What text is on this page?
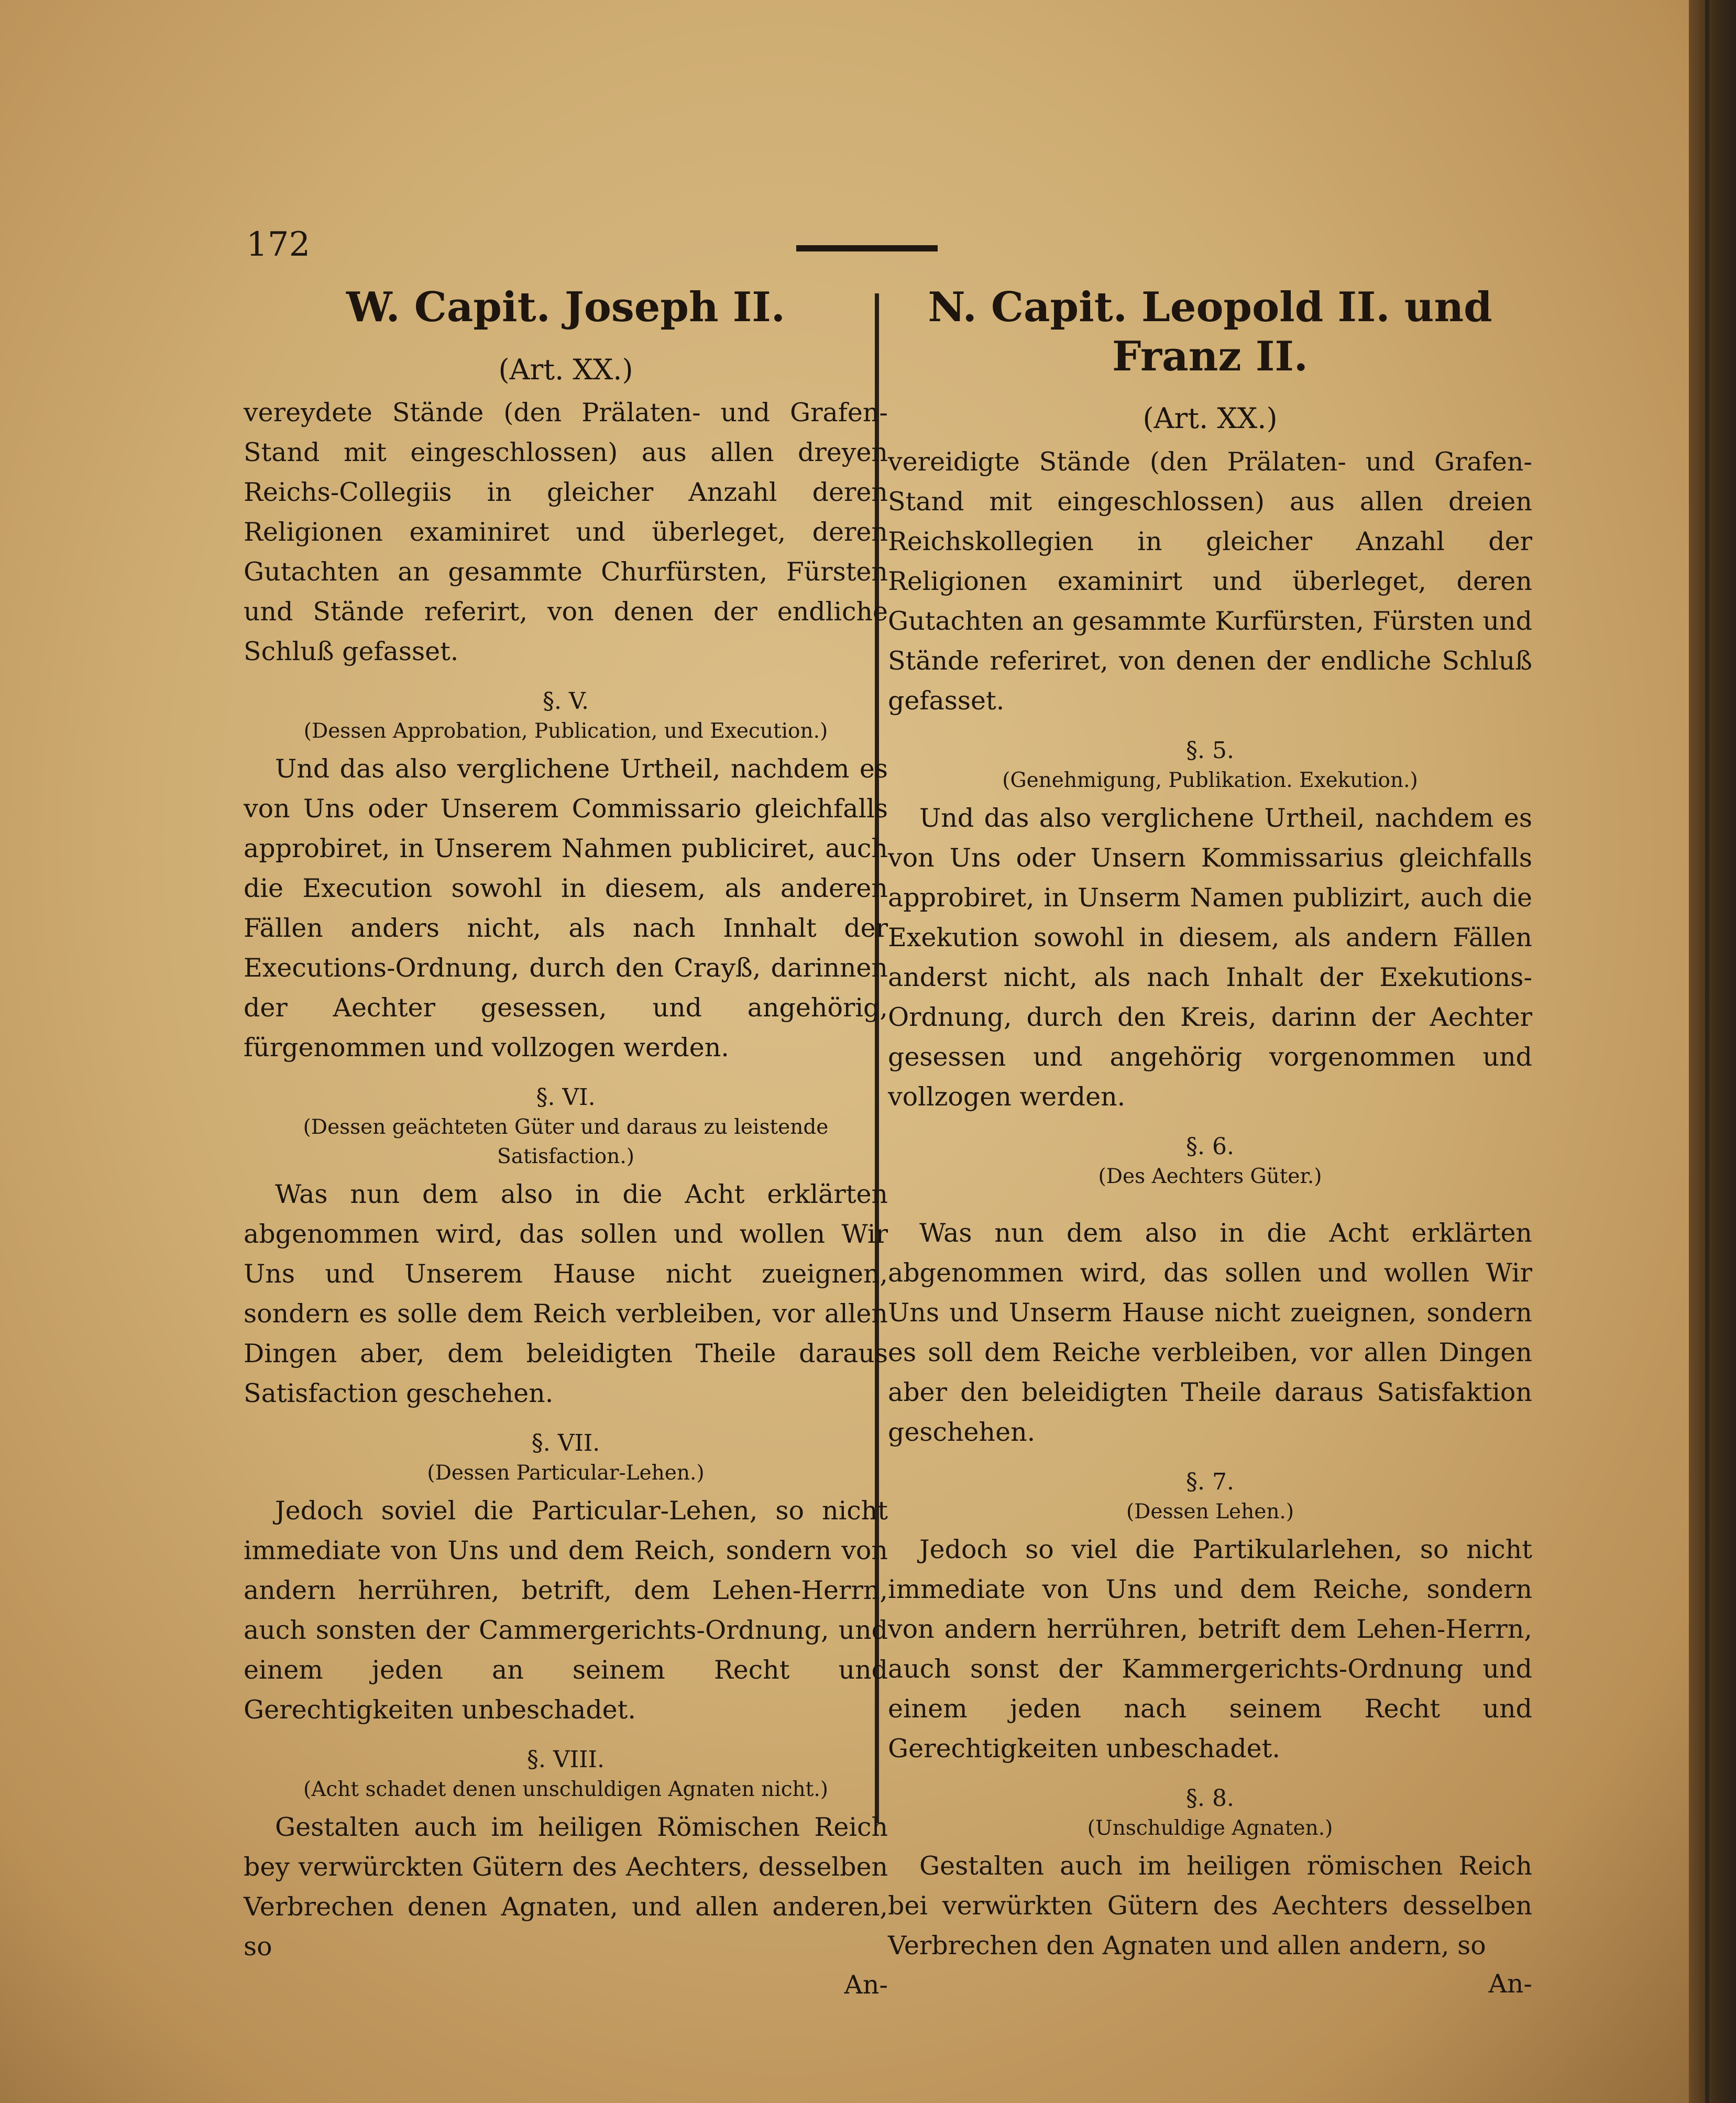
172

W. Capit. Joseph II.

(Art. XX.)

vereydete Stände (den Prälaten- und Grafen-Stand mit eingeschlossen) aus allen dreyen Reichs-Collegiis in gleicher Anzahl deren Religionen examiniret und überleget, deren Gutachten an gesammte Churfürsten, Fürsten und Stände referirt, von denen der endliche Schluß gefasset.

§. V.

(Dessen Approbation, Publication, und Execution.)

Und das also verglichene Urtheil, nachdem es von Uns oder Unserem Commissario gleichfalls approbiret, in Unserem Nahmen publiciret, auch die Execution sowohl in diesem, als anderen Fällen anders nicht, als nach Innhalt der Executions-Ordnung, durch den Crayß, darinnen der Aechter gesessen, und angehörig, fürgenommen und vollzogen werden.

§. VI.

(Dessen geächteten Güter und daraus zu leistende Satisfaction.)

Was nun dem also in die Acht erklärten abgenommen wird, das sollen und wollen Wir Uns und Unserem Hause nicht zueignen, sondern es solle dem Reich verbleiben, vor allen Dingen aber, dem beleidigten Theile daraus Satisfaction geschehen.

§. VII.

(Dessen Particular-Lehen.)

Jedoch soviel die Particular-Lehen, so nicht immediate von Uns und dem Reich, sondern von andern herrühren, betrift, dem Lehen-Herrn, auch sonsten der Cammergerichts-Ordnung, und einem jeden an seinem Recht und Gerechtigkeiten unbeschadet.

§. VIII.

(Acht schadet denen unschuldigen Agnaten nicht.)

Gestalten auch im heiligen Römischen Reich bey verwürckten Gütern des Aechters, desselben Verbrechen denen Agnaten, und allen anderen, so

An-

N. Capit. Leopold II. und Franz II.

(Art. XX.)

vereidigte Stände (den Prälaten- und Grafen-Stand mit eingeschlossen) aus allen dreien Reichskollegien in gleicher Anzahl der Religionen examinirt und überleget, deren Gutachten an gesammte Kurfürsten, Fürsten und Stände referiret, von denen der endliche Schluß gefasset.

§. 5.

(Genehmigung, Publikation. Exekution.)

Und das also verglichene Urtheil, nachdem es von Uns oder Unsern Kommissarius gleichfalls approbiret, in Unserm Namen publizirt, auch die Exekution sowohl in diesem, als andern Fällen anderst nicht, als nach Inhalt der Exekutions-Ordnung, durch den Kreis, darinn der Aechter gesessen und angehörig vorgenommen und vollzogen werden.

§. 6.

(Des Aechters Güter.)

Was nun dem also in die Acht erklärten abgenommen wird, das sollen und wollen Wir Uns und Unserm Hause nicht zueignen, sondern es soll dem Reiche verbleiben, vor allen Dingen aber den beleidigten Theile daraus Satisfaktion geschehen.

§. 7.

(Dessen Lehen.)

Jedoch so viel die Partikularlehen, so nicht immediate von Uns und dem Reiche, sondern von andern herrühren, betrift dem Lehen-Herrn, auch sonst der Kammergerichts-Ordnung und einem jeden nach seinem Recht und Gerechtigkeiten unbeschadet.

§. 8.

(Unschuldige Agnaten.)

Gestalten auch im heiligen römischen Reich bei verwürkten Gütern des Aechters desselben Verbrechen den Agnaten und allen andern, so

An-
